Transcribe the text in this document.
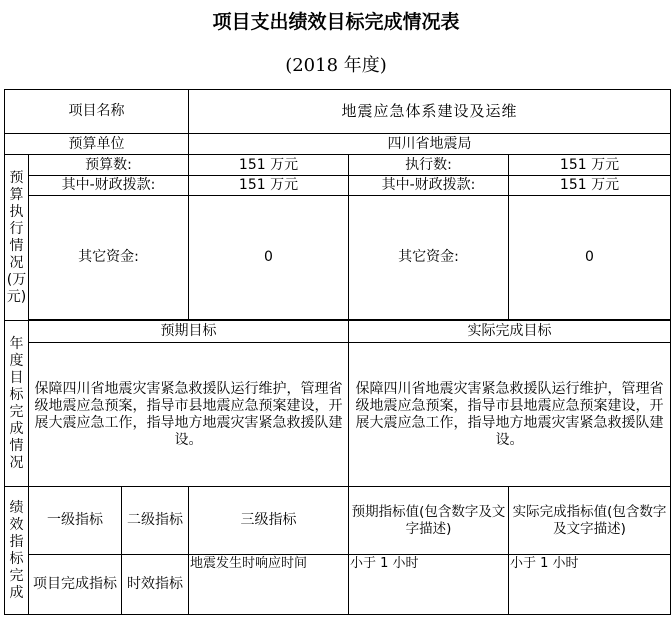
项目支出绩效目标完成情况表
(2018 年度)
项目名称			地震应急体系建设及运维		
预算单位			四川省地震局		
预算执行情况(万元)	预算数:		151 万元	执行数:	151 万元
	其中-财政拨款:		151 万元	其中-财政拨款:	151 万元
	其它资金:		0	其它资金:	0

年度目标完成情况	预期目标			实际完成目标	
	保障四川省地震灾害紧急救援队运行维护，管理省级地震应急预案，指导市县地震应急预案建设，开展大震应急工作，指导地方地震灾害紧急救援队建设。			保障四川省地震灾害紧急救援队运行维护，管理省级地震应急预案，指导市县地震应急预案建设，开展大震应急工作，指导地方地震灾害紧急救援队建设。	
绩效指标完成	一级指标	二级指标	三级指标	预期指标值(包含数字及文字描述)	实际完成指标值(包含数字及文字描述)
	项目完成指标	时效指标	地震发生时响应时间	小于 1 小时	小于 1 小时
